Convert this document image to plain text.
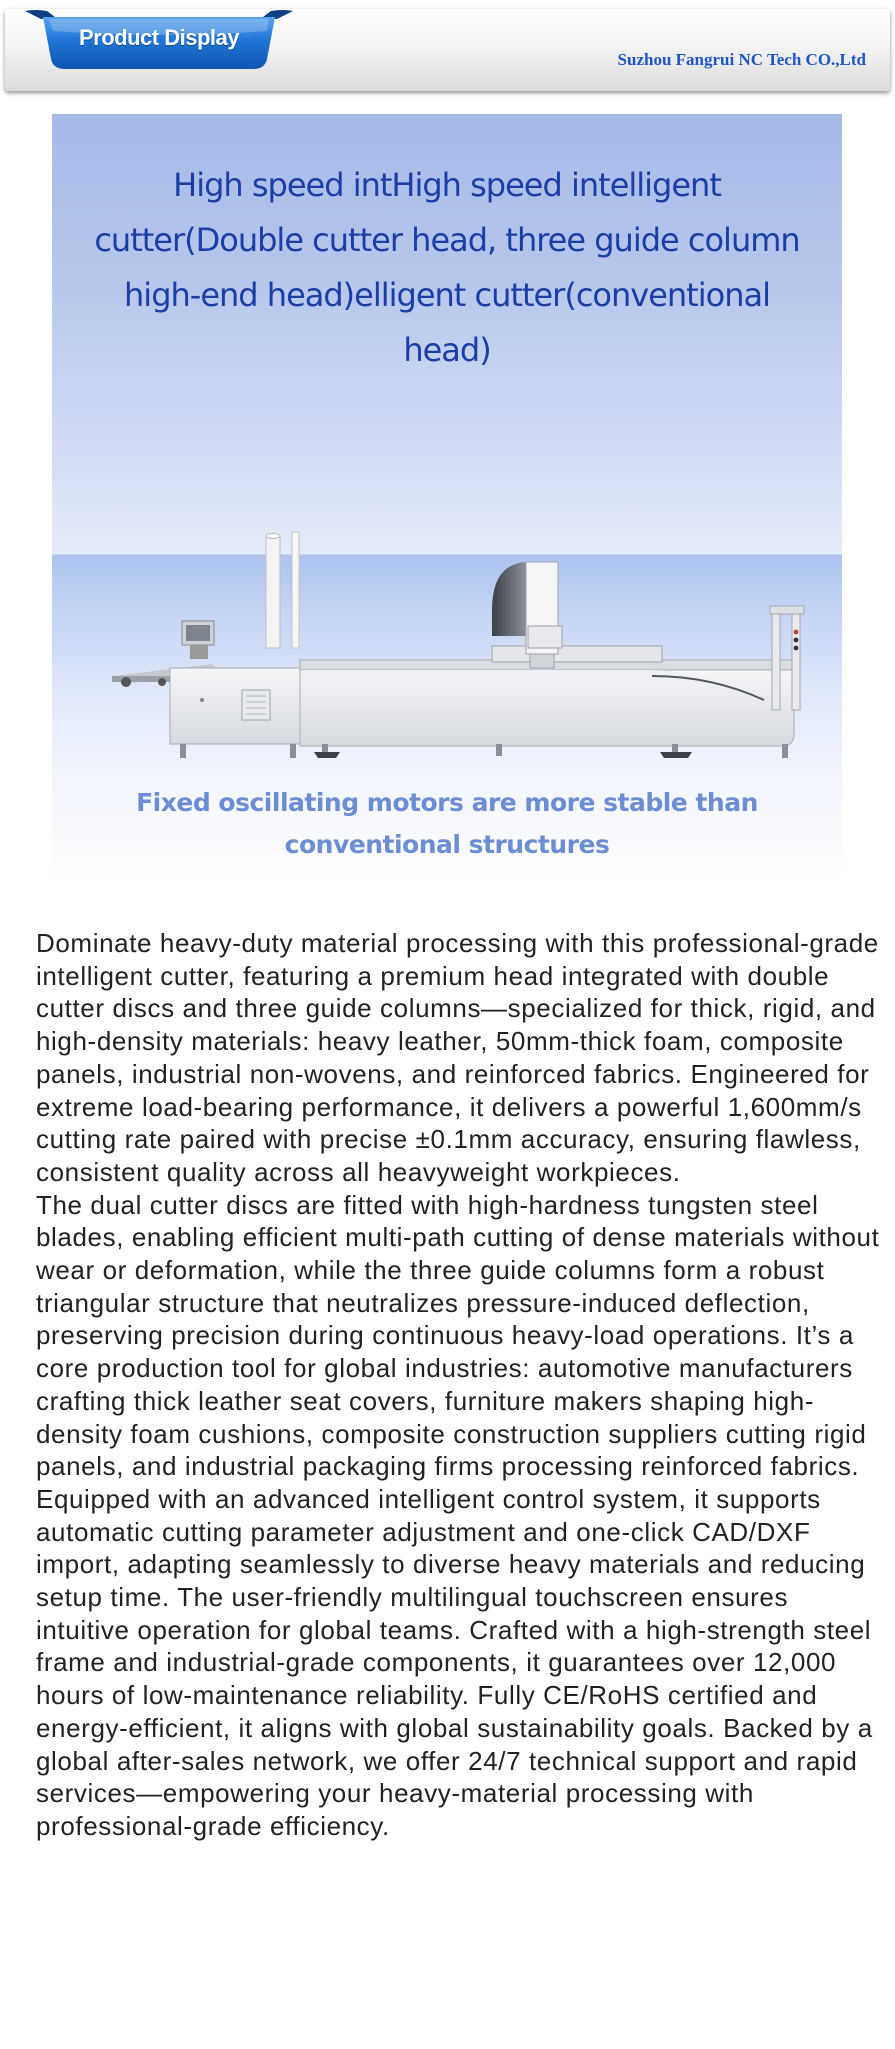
Product Display
Suzhou Fangrui NC Tech CO.,Ltd
High speed intHigh speed intelligent cutter(Double cutter head, three guide column high-end head)elligent cutter(conventional head)
Fixed oscillating motors are more stable than conventional structures

Dominate heavy-duty material processing with this professional-grade intelligent cutter, featuring a premium head integrated with double cutter discs and three guide columns—specialized for thick, rigid, and high-density materials: heavy leather, 50mm-thick foam, composite panels, industrial non-wovens, and reinforced fabrics. Engineered for extreme load-bearing performance, it delivers a powerful 1,600mm/s cutting rate paired with precise ±0.1mm accuracy, ensuring flawless, consistent quality across all heavyweight workpieces.

The dual cutter discs are fitted with high-hardness tungsten steel blades, enabling efficient multi-path cutting of dense materials without wear or deformation, while the three guide columns form a robust triangular structure that neutralizes pressure-induced deflection, preserving precision during continuous heavy-load operations. It’s a core production tool for global industries: automotive manufacturers crafting thick leather seat covers, furniture makers shaping high-density foam cushions, composite construction suppliers cutting rigid panels, and industrial packaging firms processing reinforced fabrics.

Equipped with an advanced intelligent control system, it supports automatic cutting parameter adjustment and one-click CAD/DXF import, adapting seamlessly to diverse heavy materials and reducing setup time. The user-friendly multilingual touchscreen ensures intuitive operation for global teams. Crafted with a high-strength steel frame and industrial-grade components, it guarantees over 12,000 hours of low-maintenance reliability. Fully CE/RoHS certified and energy-efficient, it aligns with global sustainability goals. Backed by a global after-sales network, we offer 24/7 technical support and rapid services—empowering your heavy-material processing with professional-grade efficiency.
